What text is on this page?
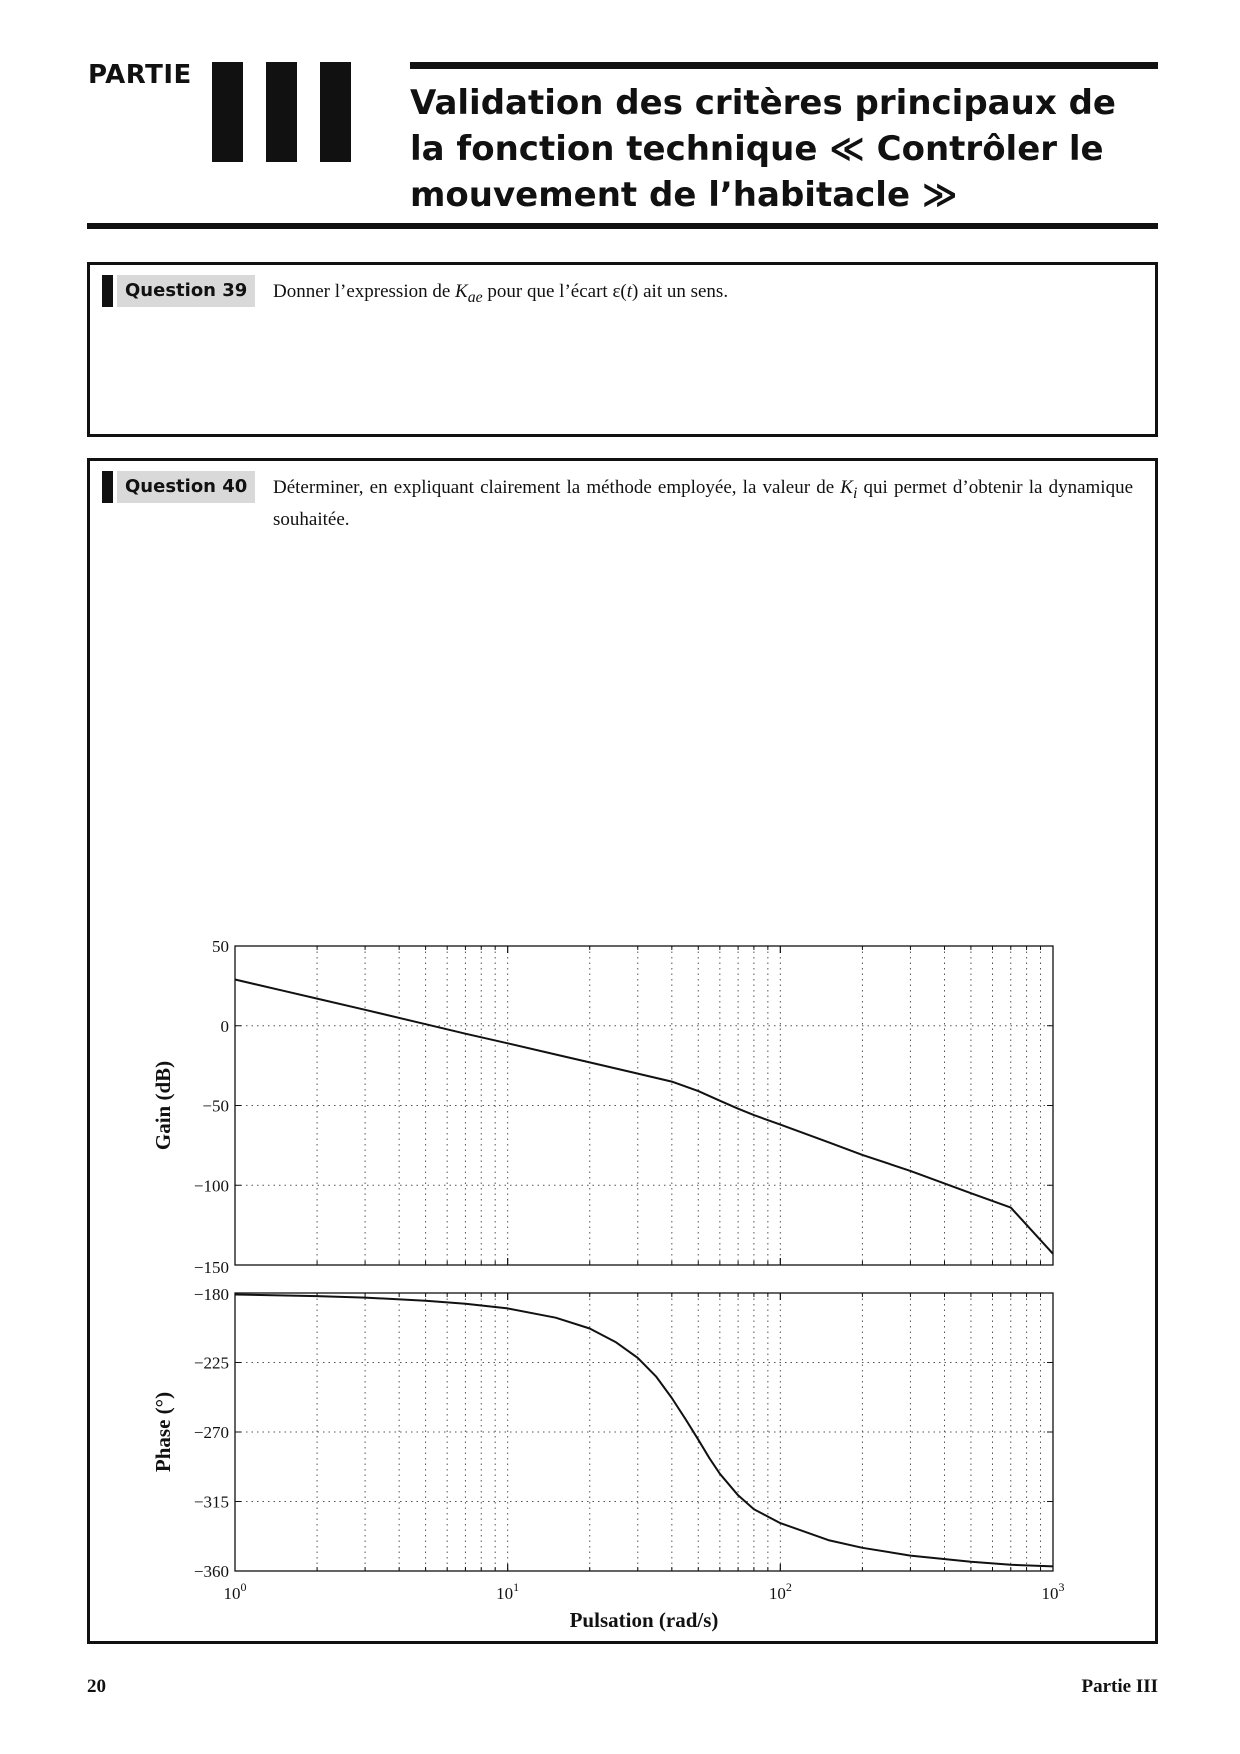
PARTIE
Validation des critères principaux de la fonction technique ≪ Contrôler le mouvement de l’habitacle ≫
Question 39	Donner l’expression de $K_{ae}$ pour que l’écart ε(t) ait un sens.
Question 40	Déterminer, en expliquant clairement la méthode employée, la valeur de $K_i$ qui permet d’obtenir la dynamique souhaitée.
50
0
−50
−100
−150
Gain (dB)
−180
−225
−270
−315
−360
Phase (°)
$10^0$	$10^1$	$10^2$	$10^3$
Pulsation (rad/s)
20	Partie III
